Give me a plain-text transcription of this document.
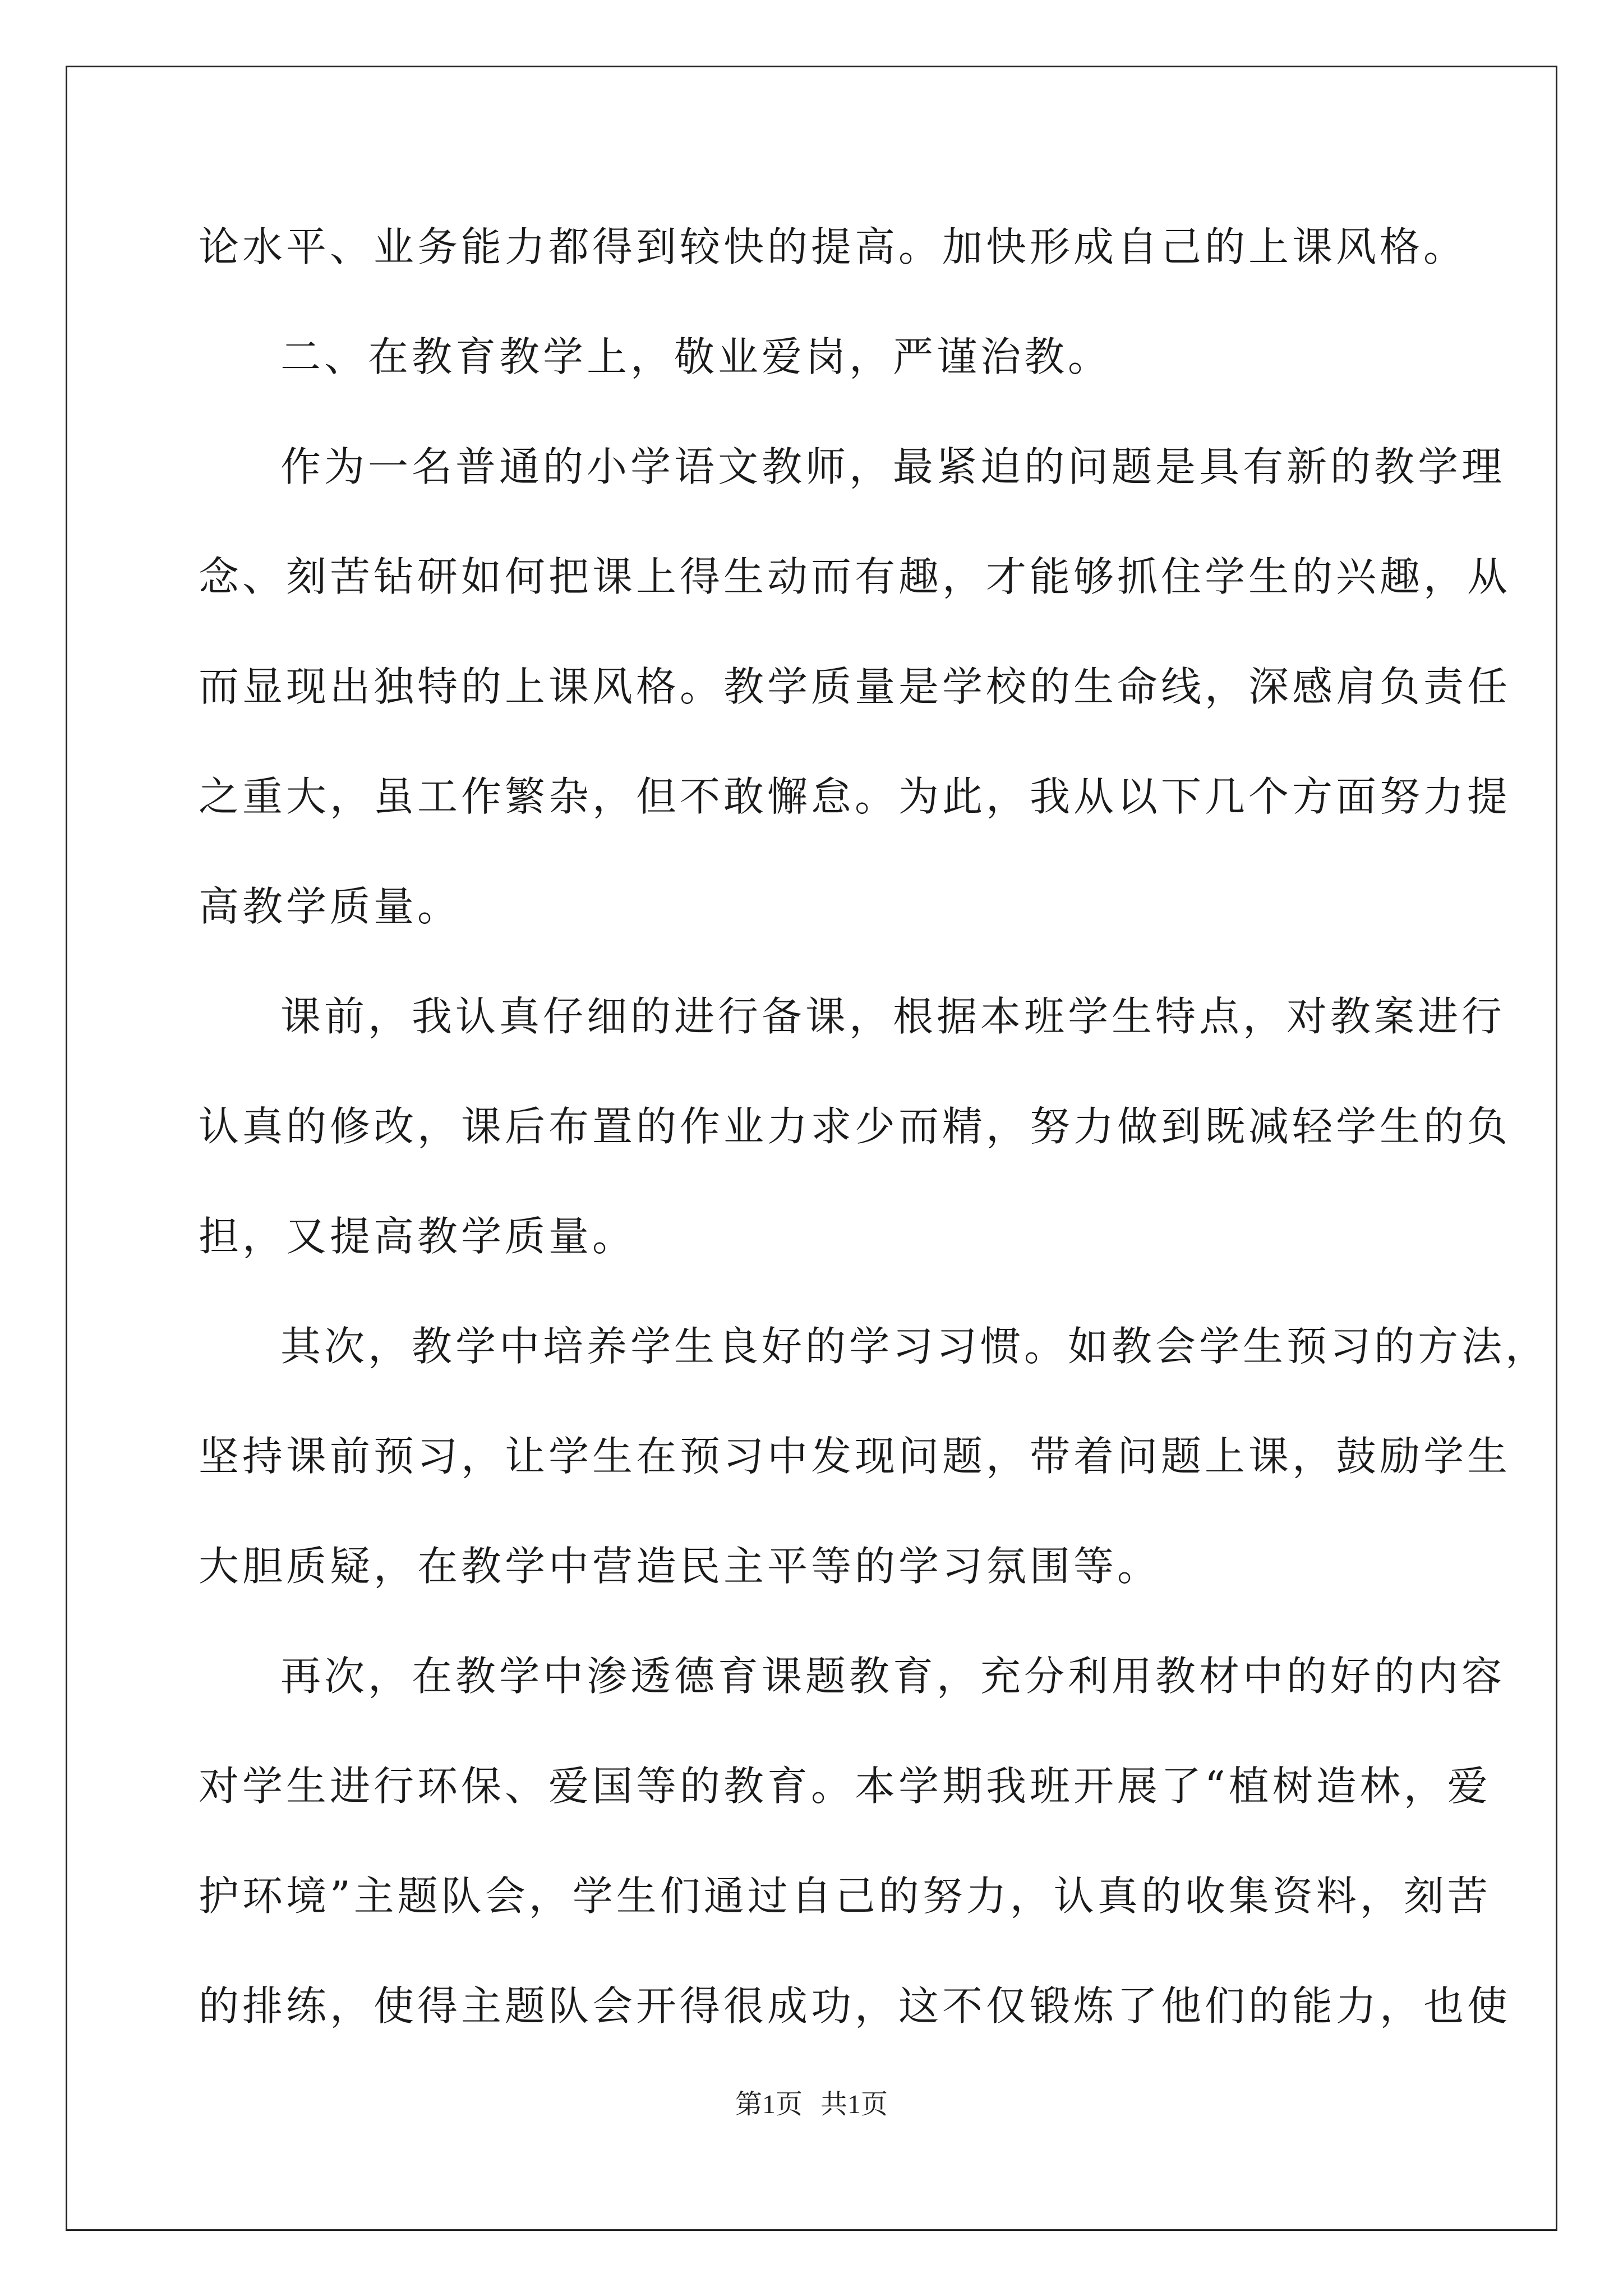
论水平、业务能力都得到较快的提高。加快形成自己的上课风格。
二、在教育教学上，敬业爱岗，严谨治教。
作为一名普通的小学语文教师，最紧迫的问题是具有新的教学理
念、刻苦钻研如何把课上得生动而有趣，才能够抓住学生的兴趣，从
而显现出独特的上课风格。教学质量是学校的生命线，深感肩负责任
之重大，虽工作繁杂，但不敢懈怠。为此，我从以下几个方面努力提
高教学质量。
课前，我认真仔细的进行备课，根据本班学生特点，对教案进行
认真的修改，课后布置的作业力求少而精，努力做到既减轻学生的负
担，又提高教学质量。
其次，教学中培养学生良好的学习习惯。如教会学生预习的方法，
坚持课前预习，让学生在预习中发现问题，带着问题上课，鼓励学生
大胆质疑，在教学中营造民主平等的学习氛围等。
再次，在教学中渗透德育课题教育，充分利用教材中的好的内容
对学生进行环保、爱国等的教育。本学期我班开展了“植树造林，爱
护环境”主题队会，学生们通过自己的努力，认真的收集资料，刻苦
的排练，使得主题队会开得很成功，这不仅锻炼了他们的能力，也使
第1页 共1页
